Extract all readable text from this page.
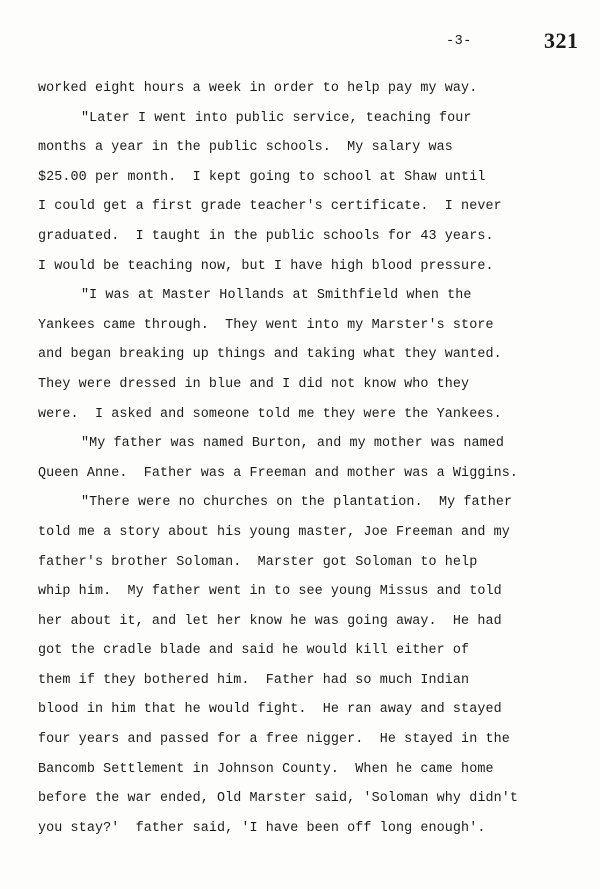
-3-	321
worked eight hours a week in order to help pay my way.
"Later I went into public service, teaching four
months a year in the public schools.  My salary was
$25.00 per month.  I kept going to school at Shaw until
I could get a first grade teacher's certificate.  I never
graduated.  I taught in the public schools for 43 years.
I would be teaching now, but I have high blood pressure.
"I was at Master Hollands at Smithfield when the
Yankees came through.  They went into my Marster's store
and began breaking up things and taking what they wanted.
They were dressed in blue and I did not know who they
were.  I asked and someone told me they were the Yankees.
"My father was named Burton, and my mother was named
Queen Anne.  Father was a Freeman and mother was a Wiggins.
"There were no churches on the plantation.  My father
told me a story about his young master, Joe Freeman and my
father's brother Soloman.  Marster got Soloman to help
whip him.  My father went in to see young Missus and told
her about it, and let her know he was going away.  He had
got the cradle blade and said he would kill either of
them if they bothered him.  Father had so much Indian
blood in him that he would fight.  He ran away and stayed
four years and passed for a free nigger.  He stayed in the
Bancomb Settlement in Johnson County.  When he came home
before the war ended, Old Marster said, 'Soloman why didn't
you stay?'  father said, 'I have been off long enough'.
